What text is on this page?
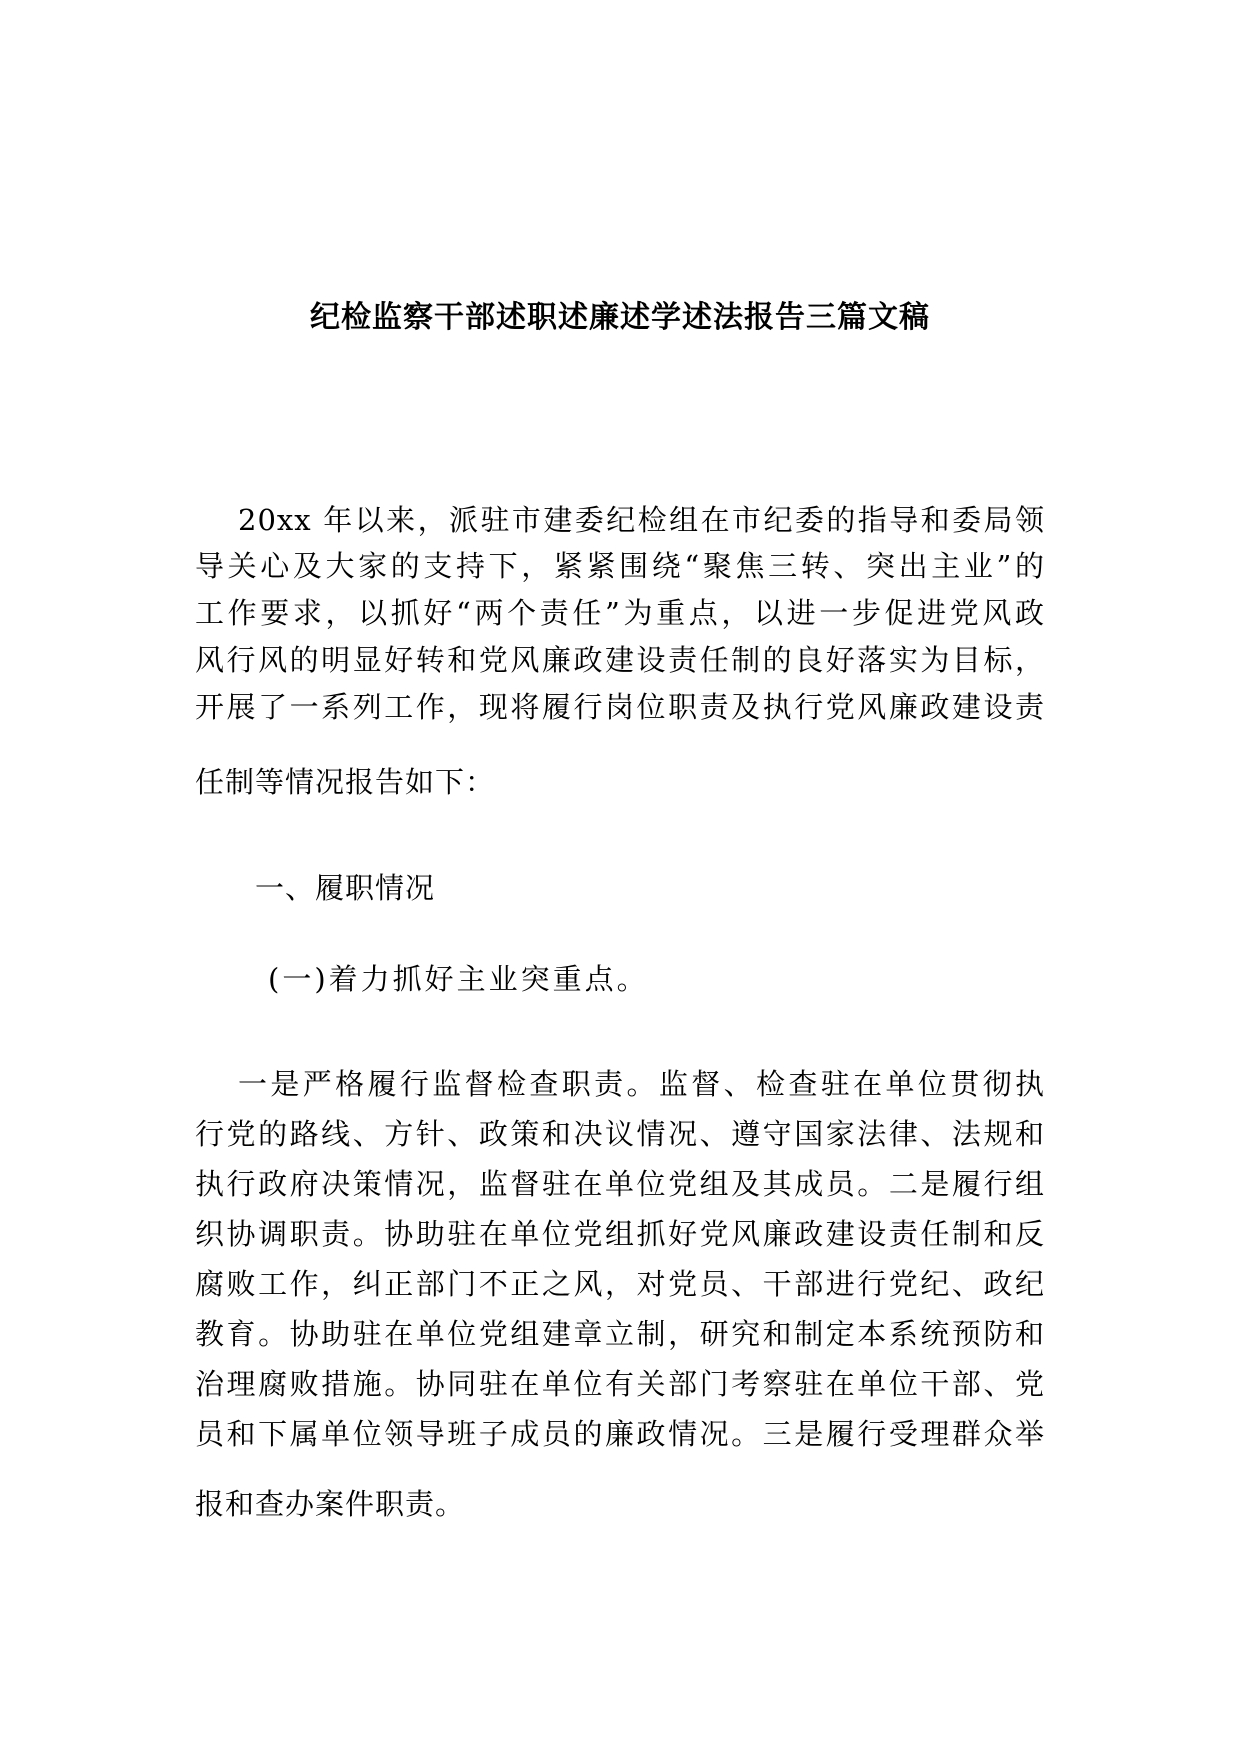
纪检监察干部述职述廉述学述法报告三篇文稿
20xx 年以来，派驻市建委纪检组在市纪委的指导和委局领
导关心及大家的支持下，紧紧围绕“聚焦三转、突出主业”的
工作要求，以抓好“两个责任”为重点，以进一步促进党风政
风行风的明显好转和党风廉政建设责任制的良好落实为目标，
开展了一系列工作，现将履行岗位职责及执行党风廉政建设责
任制等情况报告如下：
一、履职情况
(一)着力抓好主业突重点。
一是严格履行监督检查职责。监督、检查驻在单位贯彻执
行党的路线、方针、政策和决议情况、遵守国家法律、法规和
执行政府决策情况，监督驻在单位党组及其成员。二是履行组
织协调职责。协助驻在单位党组抓好党风廉政建设责任制和反
腐败工作，纠正部门不正之风，对党员、干部进行党纪、政纪
教育。协助驻在单位党组建章立制，研究和制定本系统预防和
治理腐败措施。协同驻在单位有关部门考察驻在单位干部、党
员和下属单位领导班子成员的廉政情况。三是履行受理群众举
报和查办案件职责。
